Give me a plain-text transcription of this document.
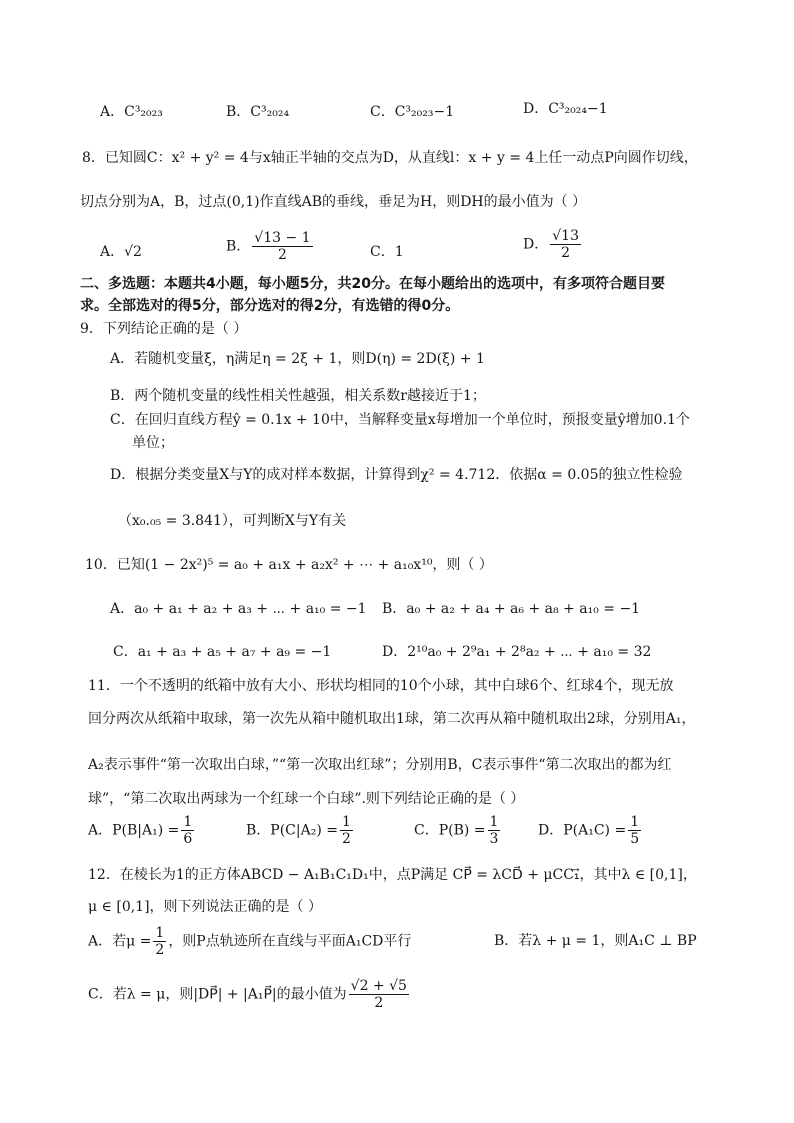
A．C³₂₀₂₃	B．C³₂₀₂₄	C．C³₂₀₂₃−1	D．C³₂₀₂₄−1
8．已知圆C：x² + y² = 4与x轴正半轴的交点为D，从直线l：x + y = 4上任一动点P向圆作切线，
切点分别为A，B，过点(0,1)作直线AB的垂线，垂足为H，则DH的最小值为（ ）
A．√2	B． $\frac{√13 - 1}{2}$	C．1	D． $\frac{√13}{2}$
二、多选题：本题共4小题，每小题5分，共20分。在每小题给出的选项中，有多项符合题目要
求。全部选对的得5分，部分选对的得2分，有选错的得0分。
9．下列结论正确的是（ ）
A．若随机变量ξ，η满足η = 2ξ + 1，则D(η) = 2D(ξ) + 1
B．两个随机变量的线性相关性越强，相关系数r越接近于1；
C．在回归直线方程ŷ = 0.1x + 10中，当解释变量x每增加一个单位时，预报变量ŷ增加0.1个
单位；
D．根据分类变量X与Y的成对样本数据，计算得到χ² = 4.712．依据α = 0.05的独立性检验
（x₀.₀₅ = 3.841），可判断X与Y有关
10．已知(1 − 2x²)⁵ = a₀ + a₁x + a₂x² + ⋯ + a₁₀x¹⁰，则（ ）
A．a₀ + a₁ + a₂ + a₃ + ⋯ + a₁₀ = −1 B．a₀ + a₂ + a₄ + a₆ + a₈ + a₁₀ = −1
C．a₁ + a₃ + a₅ + a₇ + a₉ = −1	D．2¹⁰a₀ + 2⁹a₁ + 2⁸a₂ + ⋯ + a₁₀ = 32
11．一个不透明的纸箱中放有大小、形状均相同的10个小球，其中白球6个、红球4个，现无放
回分两次从纸箱中取球，第一次先从箱中随机取出1球，第二次再从箱中随机取出2球，分别用A₁，
A₂表示事件“第一次取出白球，”“第一次取出红球”；分别用B，C表示事件“第二次取出的都为红
球”，“第二次取出两球为一个红球一个白球”.则下列结论正确的是（ ）
A．$P(B|A_1) = \frac{1}{6}$	B．$P(C|A_2) = \frac{1}{2}$	C．$P(B) = \frac{1}{3}$	D．$P(A_1C) = \frac{1}{5}$
12．在棱长为1的正方体ABCD − A₁B₁C₁D₁中，点P满足 CP⃗ = λCD⃗ + μCC₁⃗，其中λ ∈ [0,1]，
μ ∈ [0,1]，则下列说法正确的是（ ）
A．若$\mu = \frac{1}{2}$ ，则P点轨迹所在直线与平面A₁CD平行	B．若λ + μ = 1，则A₁C ⊥ BP
C．若λ = μ，则|DP⃗| + |A₁P⃗|的最小值为 $\frac{√2 + √5}{2}$
